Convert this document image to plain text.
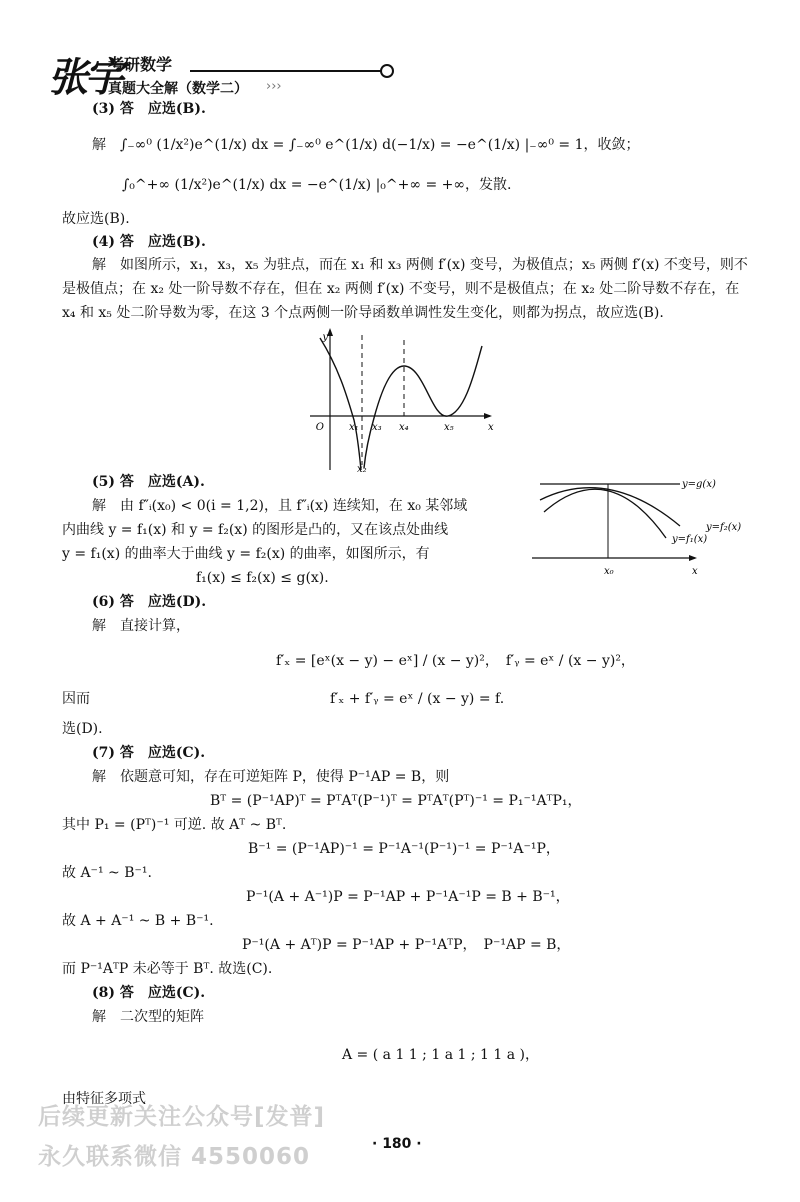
张宇
考研数学
真题大全解（数学二） ›››
(3) 答　应选(B).
解　∫₋∞⁰ (1/x²)e^(1/x) dx = ∫₋∞⁰ e^(1/x) d(−1/x) = −e^(1/x) |₋∞⁰ = 1，收敛；
∫₀^+∞ (1/x²)e^(1/x) dx = −e^(1/x) |₀^+∞ = +∞，发散.
故应选(B).
(4) 答　应选(B).
解　如图所示，x₁，x₃，x₅ 为驻点，而在 x₁ 和 x₃ 两侧 f′(x) 变号，为极值点；x₅ 两侧 f′(x) 不变号，则不
是极值点；在 x₂ 处一阶导数不存在，但在 x₂ 两侧 f′(x) 不变号，则不是极值点；在 x₂ 处二阶导数不存在，在
x₄ 和 x₅ 处二阶导数为零，在这 3 个点两侧一阶导函数单调性发生变化，则都为拐点，故应选(B).
y
x
O	x₁
x₂
x₃ x₄	x₅
(5) 答　应选(A).
解　由 f″ᵢ(x₀) < 0(i = 1,2)，且 f″ᵢ(x) 连续知，在 x₀ 某邻域
内曲线 y = f₁(x) 和 y = f₂(x) 的图形是凸的，又在该点处曲线
y = f₁(x) 的曲率大于曲线 y = f₂(x) 的曲率，如图所示，有
f₁(x) ≤ f₂(x) ≤ g(x).
y=g(x)
y=f₂(x)
y=f₁(x)
x₀	x
(6) 答　应选(D).
解　直接计算，
f′ₓ = [eˣ(x − y) − eˣ] / (x − y)²，　f′ᵧ = eˣ / (x − y)²，
因而	f′ₓ + f′ᵧ = eˣ / (x − y) = f.
选(D).
(7) 答　应选(C).
解　依题意可知，存在可逆矩阵 P，使得 P⁻¹AP = B，则
Bᵀ = (P⁻¹AP)ᵀ = PᵀAᵀ(P⁻¹)ᵀ = PᵀAᵀ(Pᵀ)⁻¹ = P₁⁻¹AᵀP₁，
其中 P₁ = (Pᵀ)⁻¹ 可逆. 故 Aᵀ ~ Bᵀ.
B⁻¹ = (P⁻¹AP)⁻¹ = P⁻¹A⁻¹(P⁻¹)⁻¹ = P⁻¹A⁻¹P，
故 A⁻¹ ~ B⁻¹.
P⁻¹(A + A⁻¹)P = P⁻¹AP + P⁻¹A⁻¹P = B + B⁻¹，
故 A + A⁻¹ ~ B + B⁻¹.
P⁻¹(A + Aᵀ)P = P⁻¹AP + P⁻¹AᵀP，　P⁻¹AP = B，
而 P⁻¹AᵀP 未必等于 Bᵀ. 故选(C).
(8) 答　应选(C).
解　二次型的矩阵
A = ( a 1 1 ; 1 a 1 ; 1 1 a )，
由特征多项式
后续更新关注公众号[发普]
永久联系微信 4550060	· 180 ·
